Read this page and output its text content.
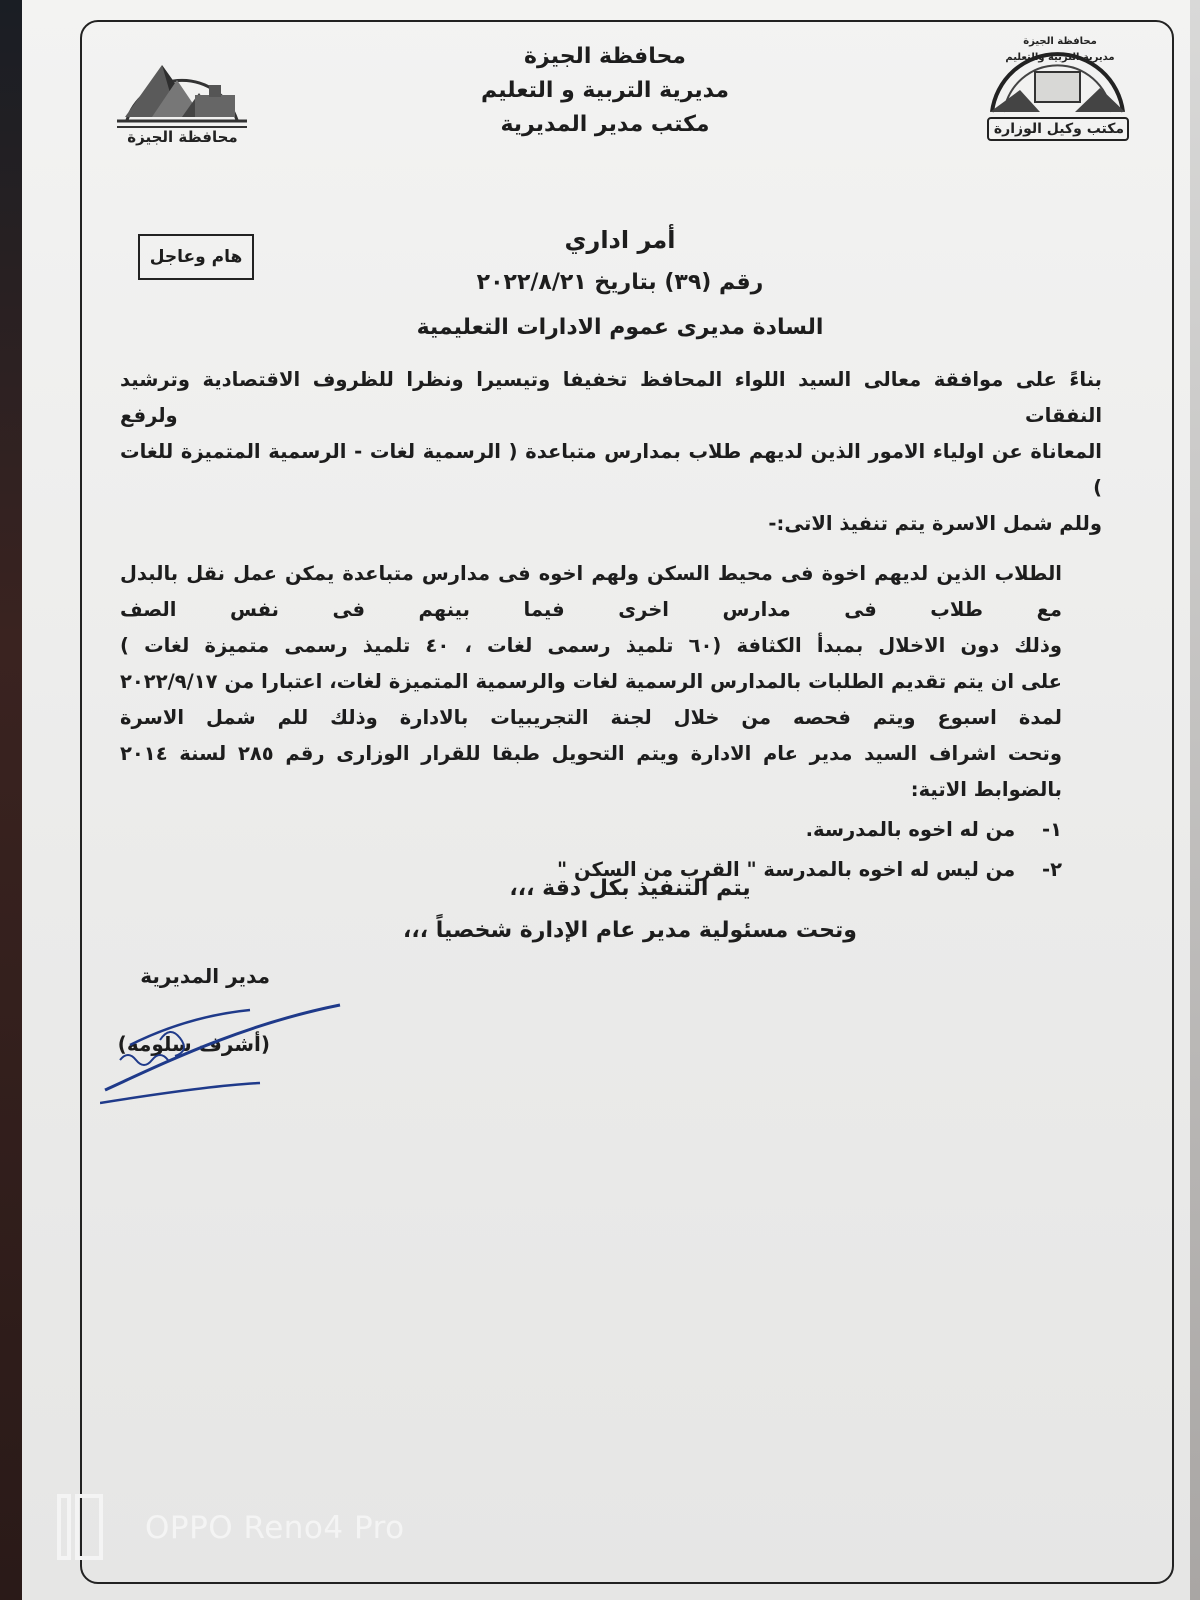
محافظة الجيزة
محافظة الجيزة
مديرية التربية والتعليم
مكتب وكيل الوزارة
محافظة الجيزة
مديرية التربية و التعليم
مكتب مدير المديرية
هام وعاجل
أمر اداري
رقم (٣٩) بتاريخ ٢٠٢٢/٨/٢١
السادة مديرى عموم الادارات التعليمية

بناءً على موافقة معالى السيد اللواء المحافظ تخفيفا وتيسيرا ونظرا للظروف الاقتصادية وترشيد النفقات ولرفع

المعاناة عن اولياء الامور الذين لديهم طلاب بمدارس متباعدة ( الرسمية لغات - الرسمية المتميزة للغات )

وللم شمل الاسرة يتم تنفيذ الاتى:-

الطلاب الذين لديهم اخوة فى محيط السكن ولهم اخوه فى مدارس متباعدة يمكن عمل نقل بالبدل

مع طلاب فى مدارس اخرى فيما بينهم فى نفس الصف

وذلك دون الاخلال بمبدأ الكثافة (٦٠ تلميذ رسمى لغات ، ٤٠ تلميذ رسمى متميزة لغات )

على ان يتم تقديم الطلبات بالمدارس الرسمية لغات والرسمية المتميزة لغات، اعتبارا من ٢٠٢٢/٩/١٧

لمدة اسبوع ويتم فحصه من خلال لجنة التجريبيات بالادارة وذلك للم شمل الاسرة

وتحت اشراف السيد مدير عام الادارة ويتم التحويل طبقا للقرار الوزارى رقم ٢٨٥ لسنة ٢٠١٤

بالضوابط الاتية:

١- من له اخوه بالمدرسة.
٢- من ليس له اخوه بالمدرسة " القرب من السكن "
يتم التنفيذ بكل دقة ،،،
وتحت مسئولية مدير عام الإدارة شخصياً ،،،
مدير المديرية
(أشرف سلومه)
OPPO Reno4 Pro
